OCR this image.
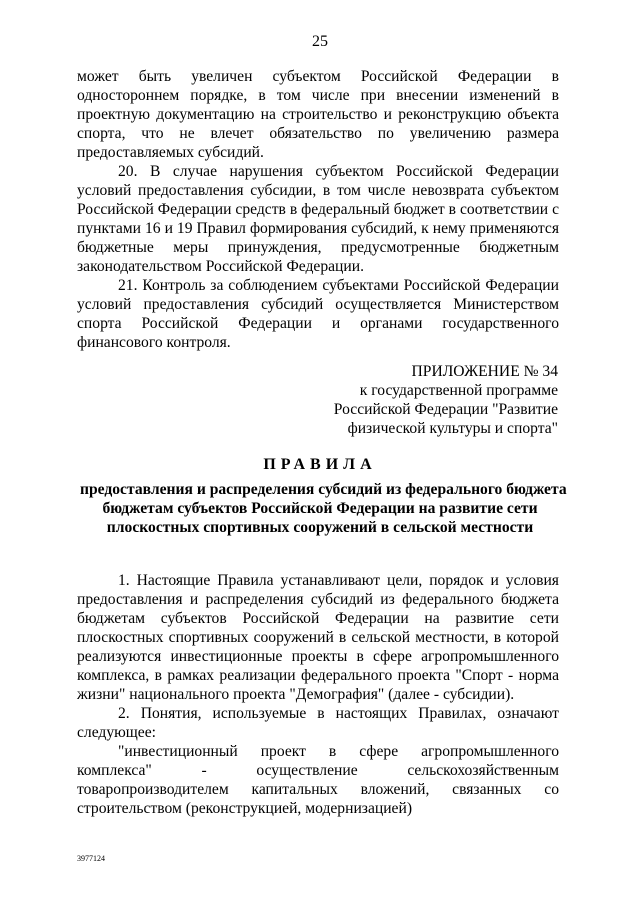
25

может быть увеличен субъектом Российской Федерации в одностороннем порядке, в том числе при внесении изменений в проектную документацию на строительство и реконструкцию объекта спорта, что не влечет обязательство по увеличению размера предоставляемых субсидий.

20. В случае нарушения субъектом Российской Федерации условий предоставления субсидии, в том числе невозврата субъектом Российской Федерации средств в федеральный бюджет в соответствии с пунктами 16 и 19 Правил формирования субсидий, к нему применяются бюджетные меры принуждения, предусмотренные бюджетным законодательством Российской Федерации.

21. Контроль за соблюдением субъектами Российской Федерации условий предоставления субсидий осуществляется Министерством спорта Российской Федерации и органами государственного финансового контроля.

ПРИЛОЖЕНИЕ № 34
к государственной программе
Российской Федерации "Развитие
физической культуры и спорта"
ПРАВИЛА
предоставления и распределения субсидий из федерального бюджета
бюджетам субъектов Российской Федерации на развитие сети
плоскостных спортивных сооружений в сельской местности

1. Настоящие Правила устанавливают цели, порядок и условия предоставления и распределения субсидий из федерального бюджета бюджетам субъектов Российской Федерации на развитие сети плоскостных спортивных сооружений в сельской местности, в которой реализуются инвестиционные проекты в сфере агропромышленного комплекса, в рамках реализации федерального проекта "Спорт - норма жизни" национального проекта "Демография" (далее - субсидии).

2. Понятия, используемые в настоящих Правилах, означают следующее:

"инвестиционный проект в сфере агропромышленного комплекса" - осуществление сельскохозяйственным товаропроизводителем капитальных вложений, связанных со строительством (реконструкцией, модернизацией)

3977124
